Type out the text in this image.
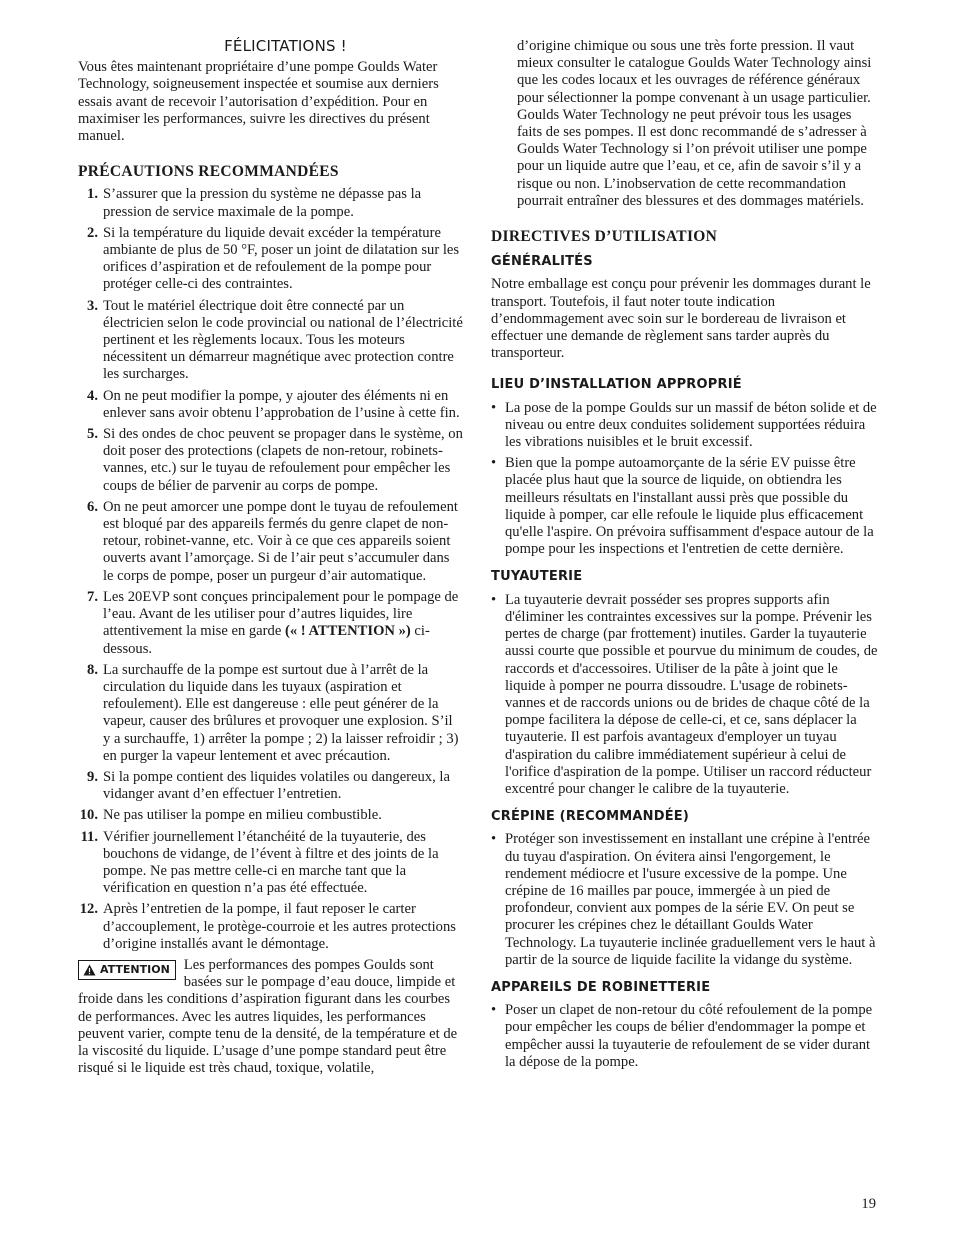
FÉLICITATIONS !

Vous êtes maintenant propriétaire d’une pompe Goulds Water Technology, soigneusement inspectée et soumise aux derniers essais avant de recevoir l’autorisation d’expédition. Pour en maximiser les performances, suivre les directives du présent manuel.

PRÉCAUTIONS RECOMMANDÉES
1. S’assurer que la pression du système ne dépasse pas la pression de service maximale de la pompe.
2. Si la température du liquide devait excéder la température ambiante de plus de 50 °F, poser un joint de dilatation sur les orifices d’aspiration et de refoulement de la pompe pour protéger celle-ci des contraintes.
3. Tout le matériel électrique doit être connecté par un électricien selon le code provincial ou national de l’électricité pertinent et les règlements locaux. Tous les moteurs nécessitent un démarreur magnétique avec protection contre les surcharges.
4. On ne peut modifier la pompe, y ajouter des éléments ni en enlever sans avoir obtenu l’approbation de l’usine à cette fin.
5. Si des ondes de choc peuvent se propager dans le système, on doit poser des protections (clapets de non-retour, robinets-vannes, etc.) sur le tuyau de refoulement pour empêcher les coups de bélier de parvenir au corps de pompe.
6. On ne peut amorcer une pompe dont le tuyau de refoulement est bloqué par des appareils fermés du genre clapet de non-retour, robinet-vanne, etc. Voir à ce que ces appareils soient ouverts avant l’amorçage. Si de l’air peut s’accumuler dans le corps de pompe, poser un purgeur d’air automatique.
7. Les 20EVP sont conçues principalement pour le pompage de l’eau. Avant de les utiliser pour d’autres liquides, lire attentivement la mise en garde (« ! ATTENTION ») ci-dessous.
8. La surchauffe de la pompe est surtout due à l’arrêt de la circulation du liquide dans les tuyaux (aspiration et refoulement). Elle est dangereuse : elle peut générer de la vapeur, causer des brûlures et provoquer une explosion. S’il y a surchauffe, 1) arrêter la pompe ; 2) la laisser refroidir ; 3) en purger la vapeur lentement et avec précaution.
9. Si la pompe contient des liquides volatiles ou dangereux, la vidanger avant d’en effectuer l’entretien.
10. Ne pas utiliser la pompe en milieu combustible.
11. Vérifier journellement l’étanchéité de la tuyauterie, des bouchons de vidange, de l’évent à filtre et des joints de la pompe. Ne pas mettre celle-ci en marche tant que la vérification en question n’a pas été effectuée.
12. Après l’entretien de la pompe, il faut reposer le carter d’accouplement, le protège-courroie et les autres protections d’origine installés avant le démontage.
ATTENTION Les performances des pompes Goulds sont basées sur le pompage d’eau douce, limpide et froide dans les conditions d’aspiration figurant dans les courbes de performances. Avec les autres liquides, les performances peuvent varier, compte tenu de la densité, de la température et de la viscosité du liquide. L’usage d’une pompe standard peut être risqué si le liquide est très chaud, toxique, volatile,

d’origine chimique ou sous une très forte pression. Il vaut mieux consulter le catalogue Goulds Water Technology ainsi que les codes locaux et les ouvrages de référence généraux pour sélectionner la pompe convenant à un usage particulier. Goulds Water Technology ne peut prévoir tous les usages faits de ses pompes. Il est donc recommandé de s’adresser à Goulds Water Technology si l’on prévoit utiliser une pompe pour un liquide autre que l’eau, et ce, afin de savoir s’il y a risque ou non. L’inobservation de cette recommandation pourrait entraîner des blessures et des dommages matériels.

DIRECTIVES D’UTILISATION
GÉNÉRALITÉS

Notre emballage est conçu pour prévenir les dommages durant le transport. Toutefois, il faut noter toute indication d’endommagement avec soin sur le bordereau de livraison et effectuer une demande de règlement sans tarder auprès du transporteur.

LIEU D’INSTALLATION APPROPRIÉ
• La pose de la pompe Goulds sur un massif de béton solide et de niveau ou entre deux conduites solidement supportées réduira les vibrations nuisibles et le bruit excessif.
• Bien que la pompe autoamorçante de la série EV puisse être placée plus haut que la source de liquide, on obtiendra les meilleurs résultats en l'installant aussi près que possible du liquide à pomper, car elle refoule le liquide plus efficacement qu'elle l'aspire. On prévoira suffisamment d'espace autour de la pompe pour les inspections et l'entretien de cette dernière.
TUYAUTERIE
• La tuyauterie devrait posséder ses propres supports afin d'éliminer les contraintes excessives sur la pompe. Prévenir les pertes de charge (par frottement) inutiles. Garder la tuyauterie aussi courte que possible et pourvue du minimum de coudes, de raccords et d'accessoires. Utiliser de la pâte à joint que le liquide à pomper ne pourra dissoudre. L'usage de robinets-vannes et de raccords unions ou de brides de chaque côté de la pompe facilitera la dépose de celle-ci, et ce, sans déplacer la tuyauterie. Il est parfois avantageux d'employer un tuyau d'aspiration du calibre immédiatement supérieur à celui de l'orifice d'aspiration de la pompe. Utiliser un raccord réducteur excentré pour changer le calibre de la tuyauterie.
CRÉPINE (RECOMMANDÉE)
• Protéger son investissement en installant une crépine à l'entrée du tuyau d'aspiration. On évitera ainsi l'engorgement, le rendement médiocre et l'usure excessive de la pompe. Une crépine de 16 mailles par pouce, immergée à un pied de profondeur, convient aux pompes de la série EV. On peut se procurer les crépines chez le détaillant Goulds Water Technology. La tuyauterie inclinée graduellement vers le haut à partir de la source de liquide facilite la vidange du système.
APPAREILS DE ROBINETTERIE
• Poser un clapet de non-retour du côté refoulement de la pompe pour empêcher les coups de bélier d'endommager la pompe et empêcher aussi la tuyauterie de refoulement de se vider durant la dépose de la pompe.
19
